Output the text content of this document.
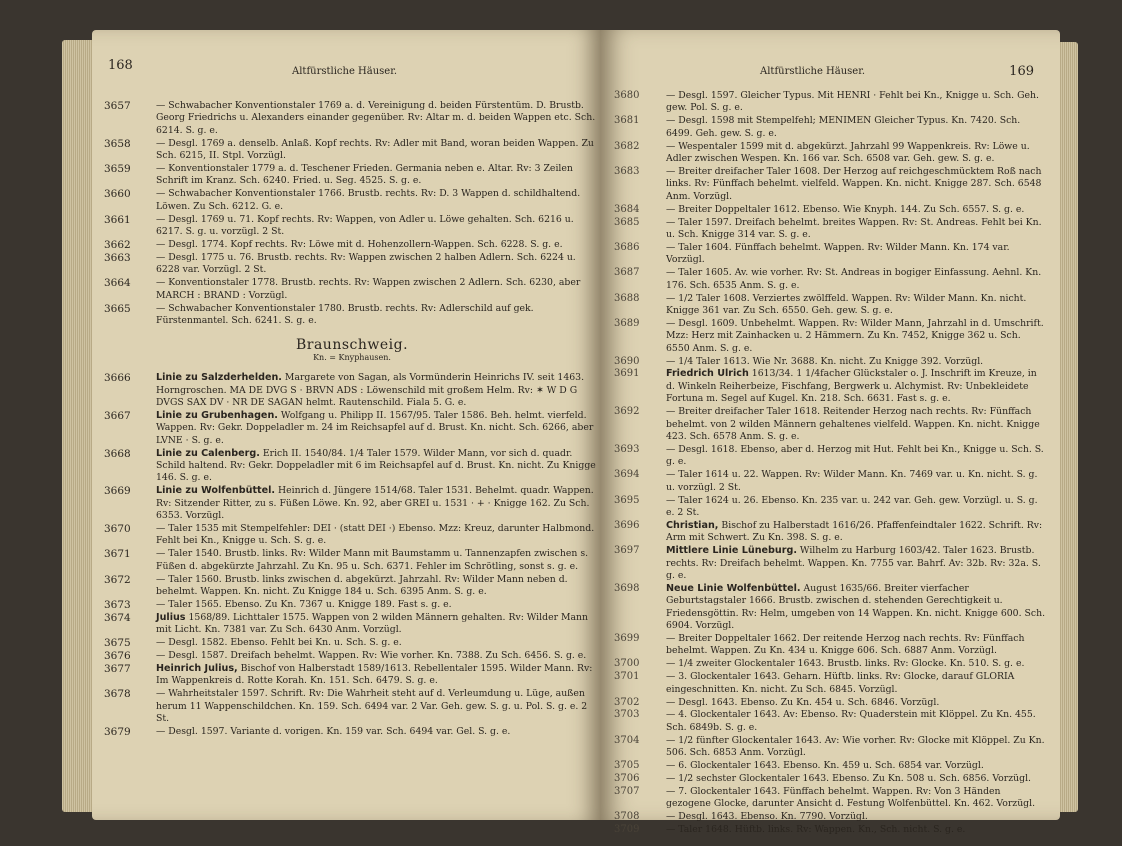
168	Altfürstliche Häuser.
3657	— Schwabacher Konventionstaler 1769 a. d. Vereinigung d. beiden Fürstentüm. D. Brustb. Georg Friedrichs u. Alexanders einander gegenüber. Rv: Altar m. d. beiden Wappen etc. Sch. 6214. S. g. e.
3658	— Desgl. 1769 a. denselb. Anlaß. Kopf rechts. Rv: Adler mit Band, woran beiden Wappen. Zu Sch. 6215, II. Stpl. Vorzügl.
3659	— Konventionstaler 1779 a. d. Teschener Frieden. Germania neben e. Altar. Rv: 3 Zeilen Schrift im Kranz. Sch. 6240. Fried. u. Seg. 4525. S. g. e.
3660	— Schwabacher Konventionstaler 1766. Brustb. rechts. Rv: D. 3 Wappen d. schildhaltend. Löwen. Zu Sch. 6212. G. e.
3661	— Desgl. 1769 u. 71. Kopf rechts. Rv: Wappen, von Adler u. Löwe gehalten. Sch. 6216 u. 6217. S. g. u. vorzügl. 2 St.
3662	— Desgl. 1774. Kopf rechts. Rv: Löwe mit d. Hohenzollern-Wappen. Sch. 6228. S. g. e.
3663	— Desgl. 1775 u. 76. Brustb. rechts. Rv: Wappen zwischen 2 halben Adlern. Sch. 6224 u. 6228 var. Vorzügl. 2 St.
3664	— Konventionstaler 1778. Brustb. rechts. Rv: Wappen zwischen 2 Adlern. Sch. 6230, aber MARCH : BRAND : Vorzügl.
3665	— Schwabacher Konventionstaler 1780. Brustb. rechts. Rv: Adlerschild auf gek. Fürstenmantel. Sch. 6241. S. g. e.
Braunschweig.
Kn. = Knyphausen.
3666	Linie zu Salzderhelden. Margarete von Sagan, als Vormünderin Heinrichs IV. seit 1463. Horngroschen. MA DE DVG S · BRVN ADS : Löwenschild mit großem Helm. Rv: ✶ W D G DVGS SAX DV · NR DE SAGAN helmt. Rautenschild. Fiala 5. G. e.
3667	Linie zu Grubenhagen. Wolfgang u. Philipp II. 1567/95. Taler 1586. Beh. helmt. vierfeld. Wappen. Rv: Gekr. Doppeladler m. 24 im Reichsapfel auf d. Brust. Kn. nicht. Sch. 6266, aber LVNE · S. g. e.
3668	Linie zu Calenberg. Erich II. 1540/84. 1/4 Taler 1579. Wilder Mann, vor sich d. quadr. Schild haltend. Rv: Gekr. Doppeladler mit 6 im Reichsapfel auf d. Brust. Kn. nicht. Zu Knigge 146. S. g. e.
3669	Linie zu Wolfenbüttel. Heinrich d. Jüngere 1514/68. Taler 1531. Behelmt. quadr. Wappen. Rv: Sitzender Ritter, zu s. Füßen Löwe. Kn. 92, aber GREI u. 1531 · + · Knigge 162. Zu Sch. 6353. Vorzügl.
3670	— Taler 1535 mit Stempelfehler: DEI · (statt DEI ·) Ebenso. Mzz: Kreuz, darunter Halbmond. Fehlt bei Kn., Knigge u. Sch. S. g. e.
3671	— Taler 1540. Brustb. links. Rv: Wilder Mann mit Baumstamm u. Tannenzapfen zwischen s. Füßen d. abgekürzte Jahrzahl. Zu Kn. 95 u. Sch. 6371. Fehler im Schrötling, sonst s. g. e.
3672	— Taler 1560. Brustb. links zwischen d. abgekürzt. Jahrzahl. Rv: Wilder Mann neben d. behelmt. Wappen. Kn. nicht. Zu Knigge 184 u. Sch. 6395 Anm. S. g. e.
3673	— Taler 1565. Ebenso. Zu Kn. 7367 u. Knigge 189. Fast s. g. e.
3674	Julius 1568/89. Lichttaler 1575. Wappen von 2 wilden Männern gehalten. Rv: Wilder Mann mit Licht. Kn. 7381 var. Zu Sch. 6430 Anm. Vorzügl.
3675	— Desgl. 1582. Ebenso. Fehlt bei Kn. u. Sch. S. g. e.
3676	— Desgl. 1587. Dreifach behelmt. Wappen. Rv: Wie vorher. Kn. 7388. Zu Sch. 6456. S. g. e.
3677	Heinrich Julius, Bischof von Halberstadt 1589/1613. Rebellentaler 1595. Wilder Mann. Rv: Im Wappenkreis d. Rotte Korah. Kn. 151. Sch. 6479. S. g. e.
3678	— Wahrheitstaler 1597. Schrift. Rv: Die Wahrheit steht auf d. Verleumdung u. Lüge, außen herum 11 Wappenschildchen. Kn. 159. Sch. 6494 var. 2 Var. Geh. gew. S. g. u. Pol. S. g. e. 2 St.
3679	— Desgl. 1597. Variante d. vorigen. Kn. 159 var. Sch. 6494 var. Gel. S. g. e.
Altfürstliche Häuser.	169
3680	— Desgl. 1597. Gleicher Typus. Mit HENRI · Fehlt bei Kn., Knigge u. Sch. Geh. gew. Pol. S. g. e.
3681	— Desgl. 1598 mit Stempelfehl; MENIMEN Gleicher Typus. Kn. 7420. Sch. 6499. Geh. gew. S. g. e.
3682	— Wespentaler 1599 mit d. abgekürzt. Jahrzahl 99 Wappenkreis. Rv: Löwe u. Adler zwischen Wespen. Kn. 166 var. Sch. 6508 var. Geh. gew. S. g. e.
3683	— Breiter dreifacher Taler 1608. Der Herzog auf reichgeschmücktem Roß nach links. Rv: Fünffach behelmt. vielfeld. Wappen. Kn. nicht. Knigge 287. Sch. 6548 Anm. Vorzügl.
3684	— Breiter Doppeltaler 1612. Ebenso. Wie Knyph. 144. Zu Sch. 6557. S. g. e.
3685	— Taler 1597. Dreifach behelmt. breites Wappen. Rv: St. Andreas. Fehlt bei Kn. u. Sch. Knigge 314 var. S. g. e.
3686	— Taler 1604. Fünffach behelmt. Wappen. Rv: Wilder Mann. Kn. 174 var. Vorzügl.
3687	— Taler 1605. Av. wie vorher. Rv: St. Andreas in bogiger Einfassung. Aehnl. Kn. 176. Sch. 6535 Anm. S. g. e.
3688	— 1/2 Taler 1608. Verziertes zwölffeld. Wappen. Rv: Wilder Mann. Kn. nicht. Knigge 361 var. Zu Sch. 6550. Geh. gew. S. g. e.
3689	— Desgl. 1609. Unbehelmt. Wappen. Rv: Wilder Mann, Jahrzahl in d. Umschrift. Mzz: Herz mit Zainhacken u. 2 Hämmern. Zu Kn. 7452, Knigge 362 u. Sch. 6550 Anm. S. g. e.
3690	— 1/4 Taler 1613. Wie Nr. 3688. Kn. nicht. Zu Knigge 392. Vorzügl.
3691	Friedrich Ulrich 1613/34. 1 1/4facher Glückstaler o. J. Inschrift im Kreuze, in d. Winkeln Reiherbeize, Fischfang, Bergwerk u. Alchymist. Rv: Unbekleidete Fortuna m. Segel auf Kugel. Kn. 218. Sch. 6631. Fast s. g. e.
3692	— Breiter dreifacher Taler 1618. Reitender Herzog nach rechts. Rv: Fünffach behelmt. von 2 wilden Männern gehaltenes vielfeld. Wappen. Kn. nicht. Knigge 423. Sch. 6578 Anm. S. g. e.
3693	— Desgl. 1618. Ebenso, aber d. Herzog mit Hut. Fehlt bei Kn., Knigge u. Sch. S. g. e.
3694	— Taler 1614 u. 22. Wappen. Rv: Wilder Mann. Kn. 7469 var. u. Kn. nicht. S. g. u. vorzügl. 2 St.
3695	— Taler 1624 u. 26. Ebenso. Kn. 235 var. u. 242 var. Geh. gew. Vorzügl. u. S. g. e. 2 St.
3696	Christian, Bischof zu Halberstadt 1616/26. Pfaffenfeindtaler 1622. Schrift. Rv: Arm mit Schwert. Zu Kn. 398. S. g. e.
3697	Mittlere Linie Lüneburg. Wilhelm zu Harburg 1603/42. Taler 1623. Brustb. rechts. Rv: Dreifach behelmt. Wappen. Kn. 7755 var. Bahrf. Av: 32b. Rv: 32a. S. g. e.
3698	Neue Linie Wolfenbüttel. August 1635/66. Breiter vierfacher Geburtstagstaler 1666. Brustb. zwischen d. stehenden Gerechtigkeit u. Friedensgöttin. Rv: Helm, umgeben von 14 Wappen. Kn. nicht. Knigge 600. Sch. 6904. Vorzügl.
3699	— Breiter Doppeltaler 1662. Der reitende Herzog nach rechts. Rv: Fünffach behelmt. Wappen. Zu Kn. 434 u. Knigge 606. Sch. 6887 Anm. Vorzügl.
3700	— 1/4 zweiter Glockentaler 1643. Brustb. links. Rv: Glocke. Kn. 510. S. g. e.
3701	— 3. Glockentaler 1643. Geharn. Hüftb. links. Rv: Glocke, darauf GLORIA eingeschnitten. Kn. nicht. Zu Sch. 6845. Vorzügl.
3702	— Desgl. 1643. Ebenso. Zu Kn. 454 u. Sch. 6846. Vorzügl.
3703	— 4. Glockentaler 1643. Av: Ebenso. Rv: Quaderstein mit Klöppel. Zu Kn. 455. Sch. 6849b. S. g. e.
3704	— 1/2 fünfter Glockentaler 1643. Av: Wie vorher. Rv: Glocke mit Klöppel. Zu Kn. 506. Sch. 6853 Anm. Vorzügl.
3705	— 6. Glockentaler 1643. Ebenso. Kn. 459 u. Sch. 6854 var. Vorzügl.
3706	— 1/2 sechster Glockentaler 1643. Ebenso. Zu Kn. 508 u. Sch. 6856. Vorzügl.
3707	— 7. Glockentaler 1643. Fünffach behelmt. Wappen. Rv: Von 3 Händen gezogene Glocke, darunter Ansicht d. Festung Wolfenbüttel. Kn. 462. Vorzügl.
3708	— Desgl. 1643. Ebenso. Kn. 7790. Vorzügl.
3709	— Taler 1648. Hüftb. links. Rv: Wappen. Kn., Sch. nicht. S. g. e.
